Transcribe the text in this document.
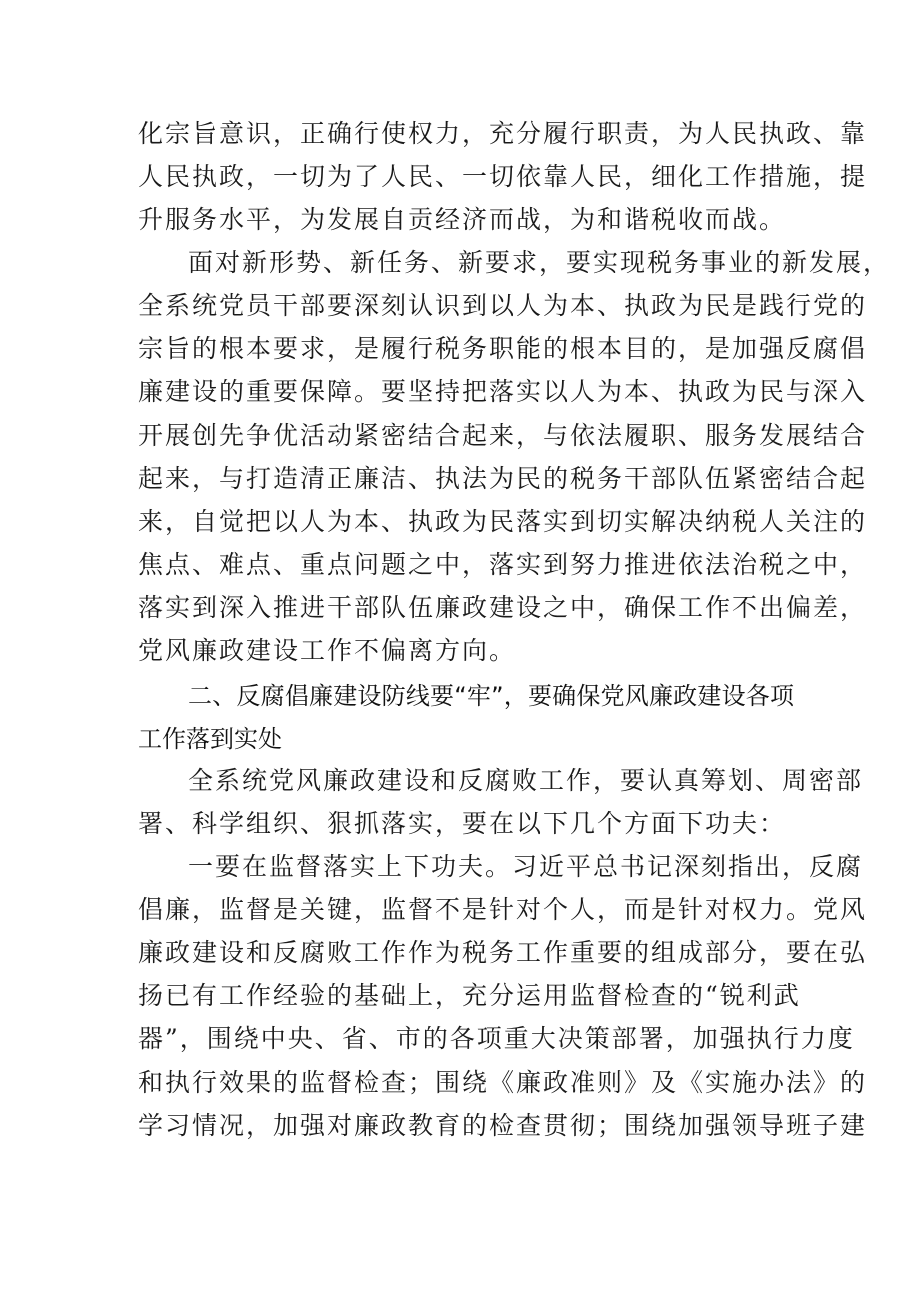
化宗旨意识，正确行使权力，充分履行职责，为人民执政、靠
人民执政，一切为了人民、一切依靠人民，细化工作措施，提
升服务水平，为发展自贡经济而战，为和谐税收而战。
面对新形势、新任务、新要求，要实现税务事业的新发展，
全系统党员干部要深刻认识到以人为本、执政为民是践行党的
宗旨的根本要求，是履行税务职能的根本目的，是加强反腐倡
廉建设的重要保障。要坚持把落实以人为本、执政为民与深入
开展创先争优活动紧密结合起来，与依法履职、服务发展结合
起来，与打造清正廉洁、执法为民的税务干部队伍紧密结合起
来，自觉把以人为本、执政为民落实到切实解决纳税人关注的
焦点、难点、重点问题之中，落实到努力推进依法治税之中，
落实到深入推进干部队伍廉政建设之中，确保工作不出偏差，
党风廉政建设工作不偏离方向。
二、反腐倡廉建设防线要“牢”，要确保党风廉政建设各项
工作落到实处
全系统党风廉政建设和反腐败工作，要认真筹划、周密部
署、科学组织、狠抓落实，要在以下几个方面下功夫：
一要在监督落实上下功夫。习近平总书记深刻指出，反腐
倡廉，监督是关键，监督不是针对个人，而是针对权力。党风
廉政建设和反腐败工作作为税务工作重要的组成部分，要在弘
扬已有工作经验的基础上，充分运用监督检查的“锐利武
器”，围绕中央、省、市的各项重大决策部署，加强执行力度
和执行效果的监督检查；围绕《廉政准则》及《实施办法》的
学习情况，加强对廉政教育的检查贯彻；围绕加强领导班子建
